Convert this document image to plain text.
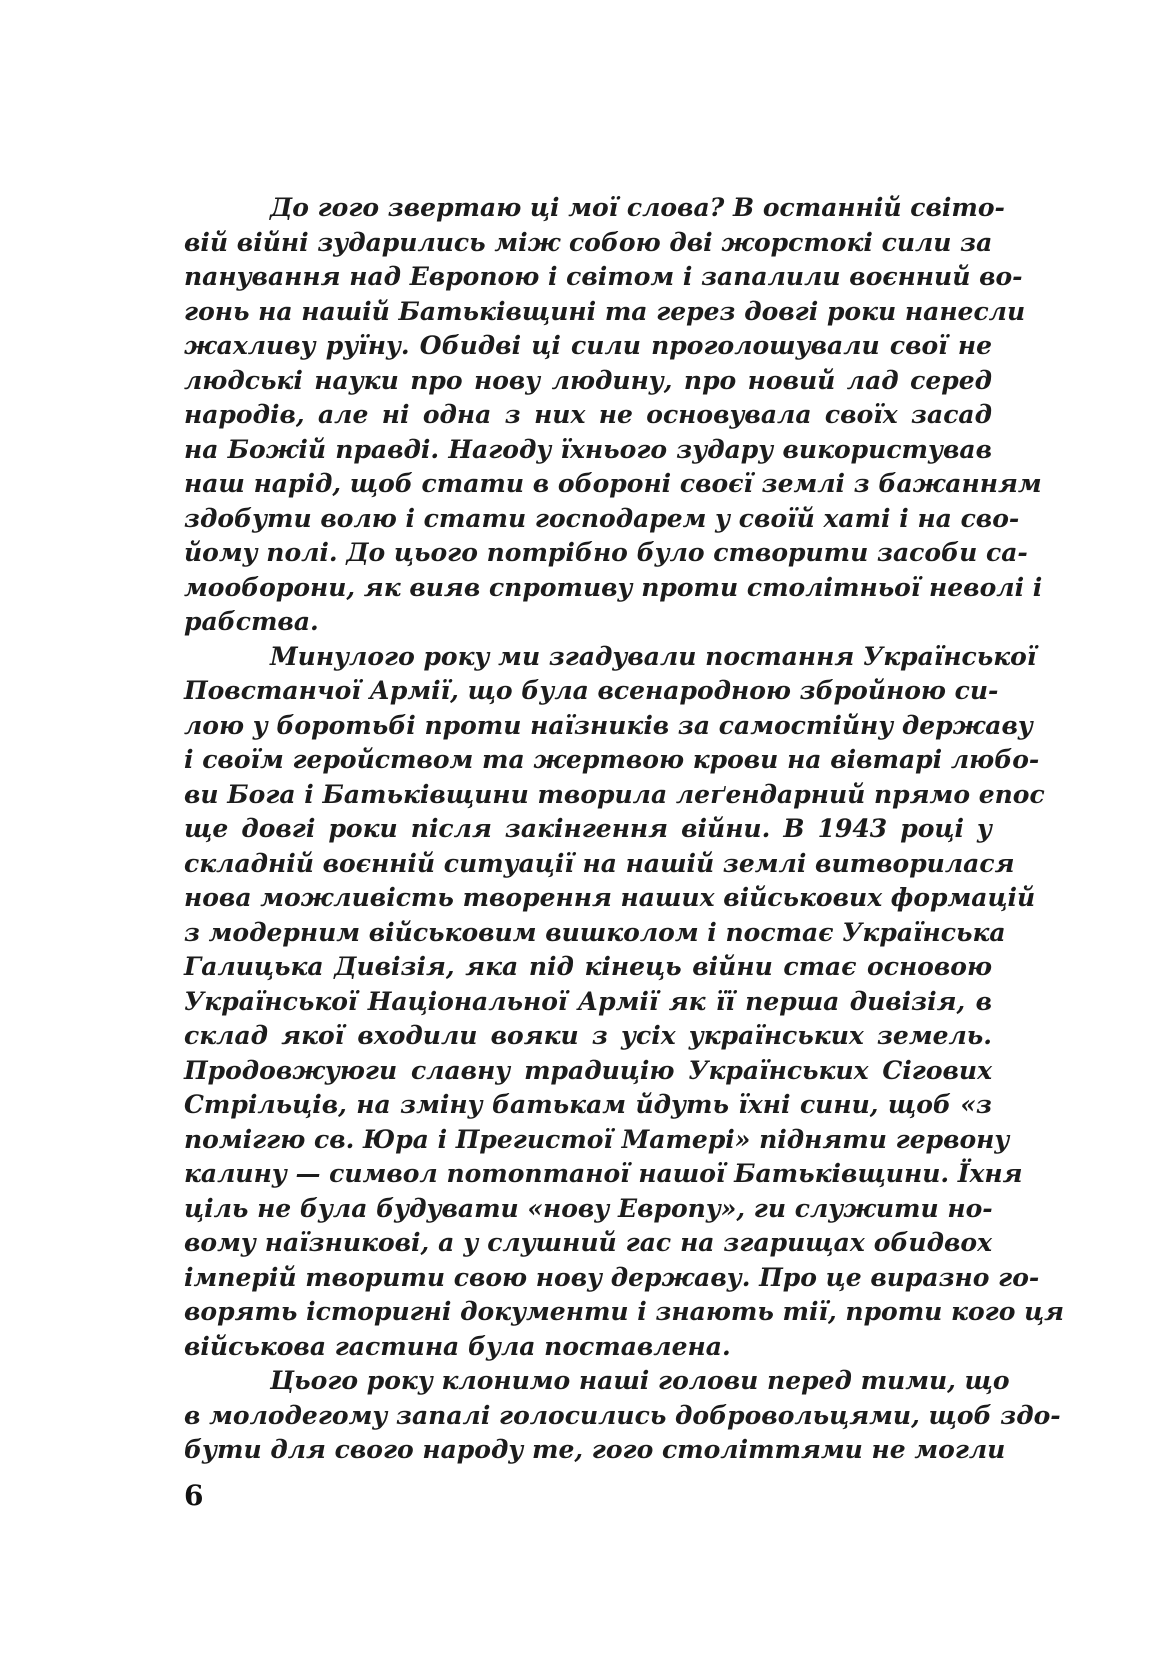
До гого звертаю ці мої слова? В останній світо-
вій війні зударились між собою дві жорстокі сили за
панування над Европою і світом і запалили воєнний во-
гонь на нашій Батьківщині та герез довгі роки нанесли
жахливу руїну. Обидві ці сили проголошували свої не
людські науки про нову людину, про новий лад серед
народів, але ні одна з них не основувала своїх засад
на Божій правді. Нагоду їхнього зудару використував
наш нарід, щоб стати в обороні своєї землі з бажанням
здобути волю і стати господарем у своїй хаті і на сво-
йому полі. До цього потрібно було створити засоби са-
мооборони, як вияв спротиву проти столітньої неволі і
рабства.
Минулого року ми згадували постання Української
Повстанчої Армії, що була всенародною збройною си-
лою у боротьбі проти наїзників за самостійну державу
і своїм геройством та жертвою крови на вівтарі любо-
ви Бога і Батьківщини творила леґендарний прямо епос
ще довгі роки після закінгення війни. В 1943 році у
складній воєнній ситуації на нашій землі витворилася
нова можливість творення наших військових формацій
з модерним військовим вишколом і постає Українська
Галицька Дивізія, яка під кінець війни стає основою
Української Національної Армії як її перша дивізія, в
склад якої входили вояки з усіх українських земель.
Продовжуюги славну традицію Українських Сігових
Стрільців, на зміну батькам йдуть їхні сини, щоб «з
поміггю св. Юра і Прегистої Матері» підняти гервону
калину — символ потоптаної нашої Батьківщини. Їхня
ціль не була будувати «нову Европу», ги служити но-
вому наїзникові, а у слушний гас на згарищах обидвох
імперій творити свою нову державу. Про це виразно го-
ворять історигні документи і знають тії, проти кого ця
військова гастина була поставлена.
Цього року клонимо наші голови перед тими, що
в молодегому запалі голосились добровольцями, щоб здо-
бути для свого народу те, гого століттями не могли
6
